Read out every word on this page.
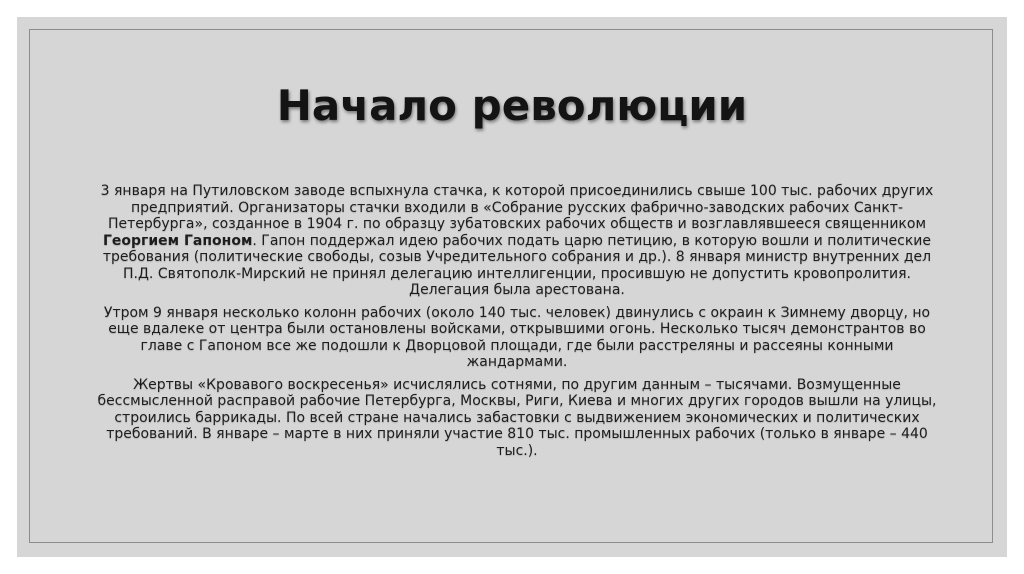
Начало революции

3 января на Путиловском заводе вспыхнула стачка, к которой присоединились свыше 100 тыс. рабочих других предприятий. Организаторы стачки входили в «Собрание русских фабрично-заводских рабочих Санкт-Петербурга», созданное в 1904 г. по образцу зубатовских рабочих обществ и возглавлявшееся священником Георгием Гапоном. Гапон поддержал идею рабочих подать царю петицию, в которую вошли и политические требования (политические свободы, созыв Учредительного собрания и др.). 8 января министр внутренних дел П.Д. Святополк-Мирский не принял делегацию интеллигенции, просившую не допустить кровопролития. Делегация была арестована.

Утром 9 января несколько колонн рабочих (около 140 тыс. человек) двинулись с окраин к Зимнему дворцу, но еще вдалеке от центра были остановлены войсками, открывшими огонь. Несколько тысяч демонстрантов во главе с Гапоном все же подошли к Дворцовой площади, где были расстреляны и рассеяны конными жандармами.

Жертвы «Кровавого воскресенья» исчислялись сотнями, по другим данным – тысячами. Возмущенные бессмысленной расправой рабочие Петербурга, Москвы, Риги, Киева и многих других городов вышли на улицы, строились баррикады. По всей стране начались забастовки с выдвижением экономических и политических требований. В январе – марте в них приняли участие 810 тыс. промышленных рабочих (только в январе – 440 тыс.).
